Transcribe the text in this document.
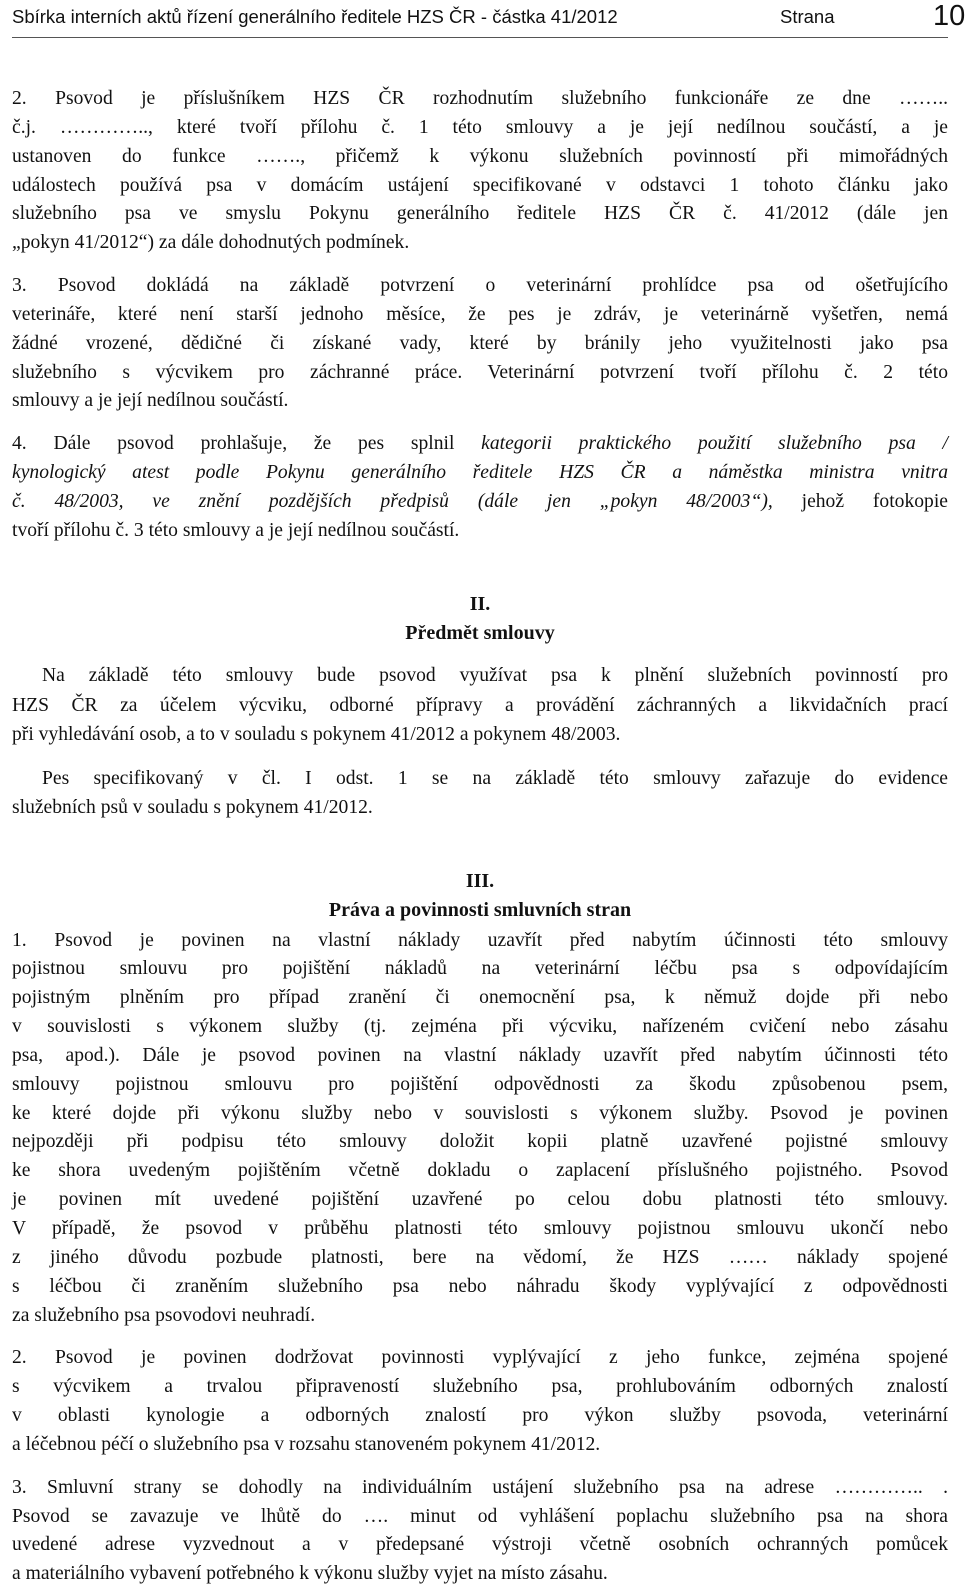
Sbírka interních aktů řízení generálního ředitele HZS ČR - částka 41/2012	Strana	10
2. Psovod je příslušníkem HZS ČR rozhodnutím služebního funkcionáře ze dne ……..
č.j. ………….., které tvoří přílohu č. 1 této smlouvy a je její nedílnou součástí, a je
ustanoven do funkce ……., přičemž k výkonu služebních povinností při mimořádných
událostech používá psa v domácím ustájení specifikované v odstavci 1 tohoto článku jako
služebního psa ve smyslu Pokynu generálního ředitele HZS ČR č. 41/2012 (dále jen
„pokyn 41/2012“) za dále dohodnutých podmínek.
3. Psovod dokládá na základě potvrzení o veterinární prohlídce psa od ošetřujícího
veterináře, které není starší jednoho měsíce, že pes je zdráv, je veterinárně vyšetřen, nemá
žádné vrozené, dědičné či získané vady, které by bránily jeho využitelnosti jako psa
služebního s výcvikem pro záchranné práce. Veterinární potvrzení tvoří přílohu č. 2 této
smlouvy a je její nedílnou součástí.
4. Dále psovod prohlašuje, že pes splnil kategorii praktického použití služebního psa /
kynologický atest podle Pokynu generálního ředitele HZS ČR a náměstka ministra vnitra
č. 48/2003, ve znění pozdějších předpisů (dále jen „pokyn 48/2003“), jehož fotokopie
tvoří přílohu č. 3 této smlouvy a je její nedílnou součástí.
II.
Předmět smlouvy
Na základě této smlouvy bude psovod využívat psa k plnění služebních povinností pro
HZS ČR za účelem výcviku, odborné přípravy a provádění záchranných a likvidačních prací
při vyhledávání osob, a to v souladu s pokynem 41/2012 a pokynem 48/2003.
Pes specifikovaný v čl. I odst. 1 se na základě této smlouvy zařazuje do evidence
služebních psů v souladu s pokynem 41/2012.
III.
Práva a povinnosti smluvních stran
1. Psovod je povinen na vlastní náklady uzavřít před nabytím účinnosti této smlouvy
pojistnou smlouvu pro pojištění nákladů na veterinární léčbu psa s odpovídajícím
pojistným plněním pro případ zranění či onemocnění psa, k němuž dojde při nebo
v souvislosti s výkonem služby (tj. zejména při výcviku, nařízeném cvičení nebo zásahu
psa, apod.). Dále je psovod povinen na vlastní náklady uzavřít před nabytím účinnosti této
smlouvy pojistnou smlouvu pro pojištění odpovědnosti za škodu způsobenou psem,
ke které dojde při výkonu služby nebo v souvislosti s výkonem služby. Psovod je povinen
nejpozději při podpisu této smlouvy doložit kopii platně uzavřené pojistné smlouvy
ke shora uvedeným pojištěním včetně dokladu o zaplacení příslušného pojistného. Psovod
je povinen mít uvedené pojištění uzavřené po celou dobu platnosti této smlouvy.
V případě, že psovod v průběhu platnosti této smlouvy pojistnou smlouvu ukončí nebo
z jiného důvodu pozbude platnosti, bere na vědomí, že HZS …… náklady spojené
s léčbou či zraněním služebního psa nebo náhradu škody vyplývající z odpovědnosti
za služebního psa psovodovi neuhradí.
2. Psovod je povinen dodržovat povinnosti vyplývající z jeho funkce, zejména spojené
s výcvikem a trvalou připraveností služebního psa, prohlubováním odborných znalostí
v oblasti kynologie a odborných znalostí pro výkon služby psovoda, veterinární
a léčebnou péčí o služebního psa v rozsahu stanoveném pokynem 41/2012.
3. Smluvní strany se dohodly na individuálním ustájení služebního psa na adrese ………….. .
Psovod se zavazuje ve lhůtě do …. minut od vyhlášení poplachu služebního psa na shora
uvedené adrese vyzvednout a v předepsané výstroji včetně osobních ochranných pomůcek
a materiálního vybavení potřebného k výkonu služby vyjet na místo zásahu.
